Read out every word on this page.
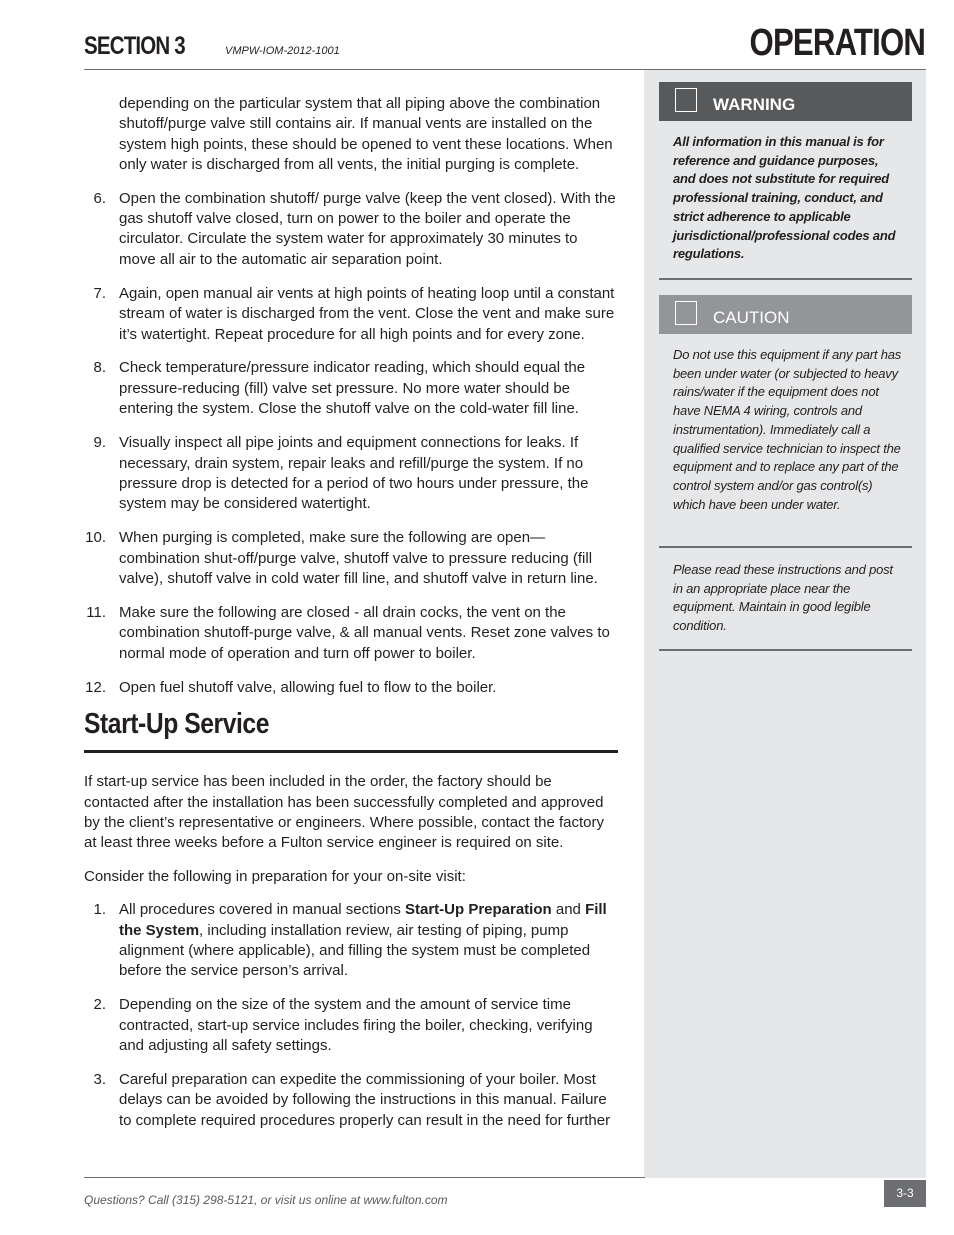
SECTION 3	VMPW-IOM-2012-1001	OPERATION

depending on the particular system that all piping above the combination shutoff/purge valve still contains air. If manual vents are installed on the system high points, these should be opened to vent these locations. When only water is discharged from all vents, the initial purging is complete.

6. Open the combination shutoff/ purge valve (keep the vent closed). With the gas shutoff valve closed, turn on power to the boiler and operate the circulator. Circulate the system water for approximately 30 minutes to move all air to the automatic air separation point.
7. Again, open manual air vents at high points of heating loop until a constant stream of water is discharged from the vent. Close the vent and make sure it’s watertight. Repeat procedure for all high points and for every zone.
8. Check temperature/pressure indicator reading, which should equal the pressure-reducing (fill) valve set pressure. No more water should be entering the system. Close the shutoff valve on the cold-water fill line.
9. Visually inspect all pipe joints and equipment connections for leaks. If necessary, drain system, repair leaks and refill/purge the system. If no pressure drop is detected for a period of two hours under pressure, the system may be considered watertight.
10. When purging is completed, make sure the following are open—combination shut-off/purge valve, shutoff valve to pressure reducing (fill valve), shutoff valve in cold water fill line, and shutoff valve in return line.
11. Make sure the following are closed - all drain cocks, the vent on the combination shutoff-purge valve, & all manual vents. Reset zone valves to normal mode of operation and turn off power to boiler.
12. Open fuel shutoff valve, allowing fuel to flow to the boiler.
Start-Up Service

If start-up service has been included in the order, the factory should be contacted after the installation has been successfully completed and approved by the client’s representative or engineers. Where possible, contact the factory at least three weeks before a Fulton service engineer is required on site.

Consider the following in preparation for your on-site visit:

1. All procedures covered in manual sections Start-Up Preparation and Fill the System, including installation review, air testing of piping, pump alignment (where applicable), and filling the system must be completed before the service person’s arrival.
2. Depending on the size of the system and the amount of service time contracted, start-up service includes firing the boiler, checking, verifying and adjusting all safety settings.
3. Careful preparation can expedite the commissioning of your boiler. Most delays can be avoided by following the instructions in this manual. Failure to complete required procedures properly can result in the need for further
WARNING

All information in this manual is for reference and guidance purposes, and does not substitute for required professional training, conduct, and strict adherence to applicable jurisdictional/professional codes and regulations.

CAUTION

Do not use this equipment if any part has been under water (or subjected to heavy rains/water if the equipment does not have NEMA 4 wiring, controls and instrumentation). Immediately call a qualified service technician to inspect the equipment and to replace any part of the control system and/or gas control(s) which have been under water.

Please read these instructions and post in an appropriate place near the equipment. Maintain in good legible condition.

Questions? Call (315) 298-5121, or visit us online at www.fulton.com	3-3
